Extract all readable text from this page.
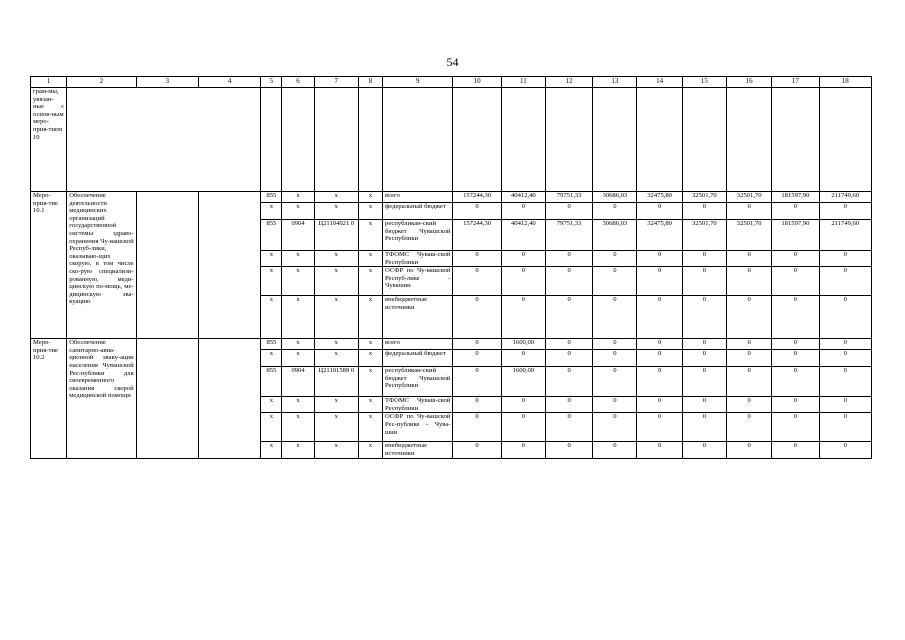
54
1	2	3	4	5	6	7	8	9	10	11	12	13	14	15	16	17	18
грам-мы, увязан-ные с основ-ным меро-прия-тием 10																	
Меро-прия-тие 10.1	Обеспечение деятельности медицинских организаций государственной системы здраво-охранения Чу-вашской Респуб-лики, оказываю-щих скорую, в том числе ско-рую специализи-рованную, меди-цинскую по-мощь, ме-дицинскую эва-куацию			855	x	x	x	всего	157244,30	40412,40	79751,33	30686,03	32475,80	32501,70	32501,70	181597,90	211749,60
				x	x	x	x	федеральный бюджет	0	0	0	0	0	0	0	0	0
				855	0904	Ц21104021 0	x	республикан-ский бюджет Чувашской Республики	157244,30	40412,40	79751,33	30686,03	32475,80	32501,70	32501,70	181597,90	211749,60
				x	x	x	x	ТФОМС Чуваш-ской Республики	0	0	0	0	0	0	0	0	0
				x	x	x	x	ОСФР по Чу-вашской Респуб-лике - Чувашии	0	0	0	0	0	0	0	0	0
				x	x	x	x	внебюджетные источники	0	0	0	0	0	0	0	0	0
Меро-прия-тие 10.2	Обеспечение санитарно-авиа-ционной эваку-ации населения Чувашской Рес-публики для своевременного оказания скорой медицинской помощи			855	x	x	x	всего	0	1600,00	0	0	0	0	0	0	0
				x	x	x	x	федеральный бюджет	0	0	0	0	0	0	0	0	0
				855	0904	Ц21101589 0	x	республикан-ский бюджет Чувашской Республики	0	1600,00	0	0	0	0	0	0	0
				x	x	x	x	ТФОМС Чуваш-ской Республики	0	0	0	0	0	0	0	0	0
				x	x	x	x	ОСФР по Чу-вашской Рес-публике - Чува-шии	0	0	0	0	0	0	0	0	0
				x	x	x	x	внебюджетные источники	0	0	0	0	0	0	0	0	0
